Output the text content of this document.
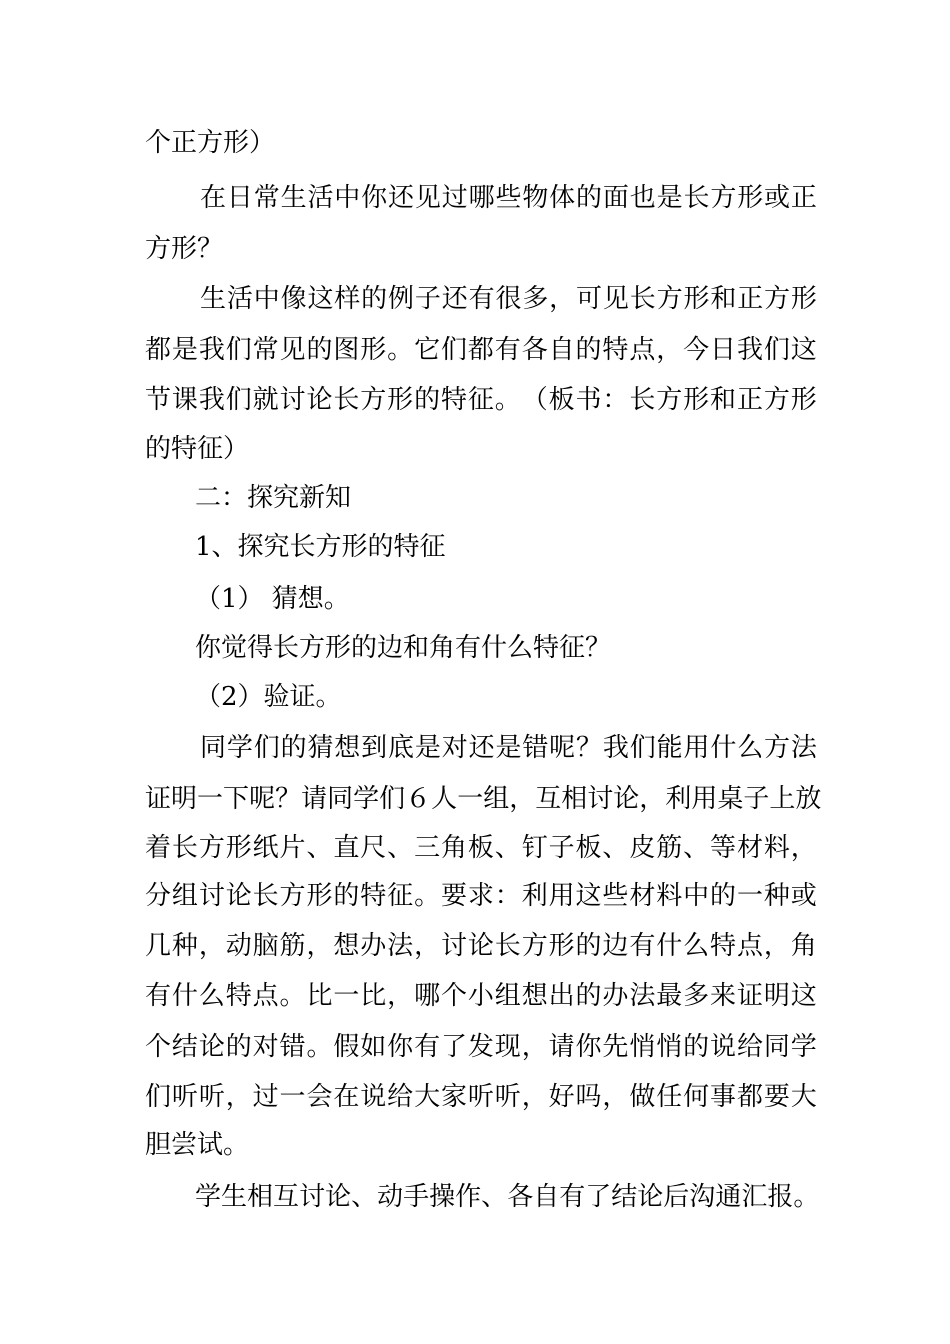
个正方形）
在 日 常 生 活 中 你 还 见 过 哪 些 物 体 的 面 也 是 长 方 形 或 正
方形？
生 活 中 像 这 样 的 例 子 还 有 很 多 ， 可 见 长 方 形 和 正 方 形
都 是 我 们 常 见 的 图 形 。 它 们 都 有 各 自 的 特 点 ， 今 日 我 们 这
节 课 我 们 就 讨 论 长 方 形 的 特 征 。 （ 板 书 ： 长 方 形 和 正 方 形
的特征）
二：探究新知
1、探究长方形的特征
（1） 猜想。
你觉得长方形的边和角有什么特征？
（2）验证。
同 学 们 的 猜 想 到 底 是 对 还 是 错 呢 ？ 我 们 能 用 什 么 方 法
证 明 一 下 呢 ？ 请 同 学 们 ６ 人 一 组 ， 互 相 讨 论 ， 利 用 桌 子 上 放
着 长 方 形 纸 片 、 直 尺 、 三 角 板 、 钉 子 板 、 皮 筋 、 等 材 料 ，
分 组 讨 论 长 方 形 的 特 征 。 要 求 ： 利 用 这 些 材 料 中 的 一 种 或
几 种 ， 动 脑 筋 ， 想 办 法 ， 讨 论 长 方 形 的 边 有 什 么 特 点 ， 角
有 什 么 特 点 。 比 一 比 ， 哪 个 小 组 想 出 的 办 法 最 多 来 证 明 这
个 结 论 的 对 错 。 假 如 你 有 了 发 现 ， 请 你 先 悄 悄 的 说 给 同 学
们 听 听 ， 过 一 会 在 说 给 大 家 听 听 ， 好 吗 ， 做 任 何 事 都 要 大
胆尝试。
学 生 相 互 讨 论 、 动 手 操 作 、 各 自 有 了 结 论 后 沟 通 汇 报 。
